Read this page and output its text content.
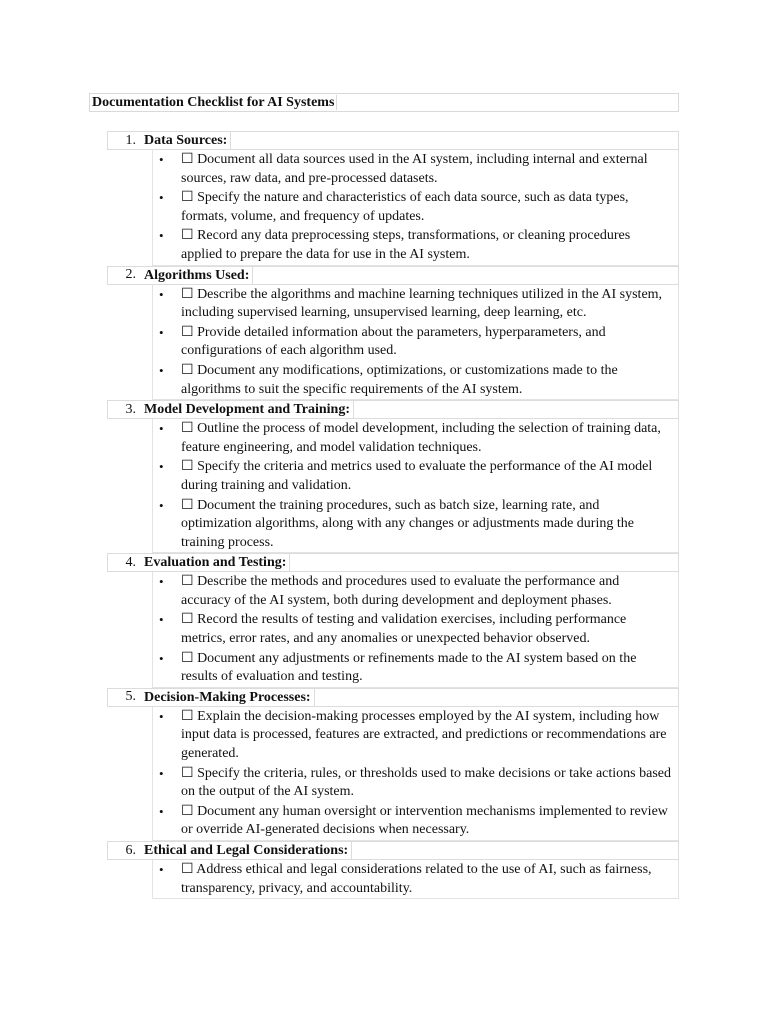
Documentation Checklist for AI Systems
1. Data Sources:
•	☐ Document all data sources used in the AI system, including internal and external sources, raw data, and pre-processed datasets.
•	☐ Specify the nature and characteristics of each data source, such as data types, formats, volume, and frequency of updates.
•	☐ Record any data preprocessing steps, transformations, or cleaning procedures applied to prepare the data for use in the AI system.
2. Algorithms Used:
•	☐ Describe the algorithms and machine learning techniques utilized in the AI system, including supervised learning, unsupervised learning, deep learning, etc.
•	☐ Provide detailed information about the parameters, hyperparameters, and configurations of each algorithm used.
•	☐ Document any modifications, optimizations, or customizations made to the algorithms to suit the specific requirements of the AI system.
3. Model Development and Training:
•	☐ Outline the process of model development, including the selection of training data, feature engineering, and model validation techniques.
•	☐ Specify the criteria and metrics used to evaluate the performance of the AI model during training and validation.
•	☐ Document the training procedures, such as batch size, learning rate, and optimization algorithms, along with any changes or adjustments made during the training process.
4. Evaluation and Testing:
•	☐ Describe the methods and procedures used to evaluate the performance and accuracy of the AI system, both during development and deployment phases.
•	☐ Record the results of testing and validation exercises, including performance metrics, error rates, and any anomalies or unexpected behavior observed.
•	☐ Document any adjustments or refinements made to the AI system based on the results of evaluation and testing.
5. Decision-Making Processes:
•	☐ Explain the decision-making processes employed by the AI system, including how input data is processed, features are extracted, and predictions or recommendations are generated.
•	☐ Specify the criteria, rules, or thresholds used to make decisions or take actions based on the output of the AI system.
•	☐ Document any human oversight or intervention mechanisms implemented to review or override AI-generated decisions when necessary.
6. Ethical and Legal Considerations:
•	☐ Address ethical and legal considerations related to the use of AI, such as fairness, transparency, privacy, and accountability.
